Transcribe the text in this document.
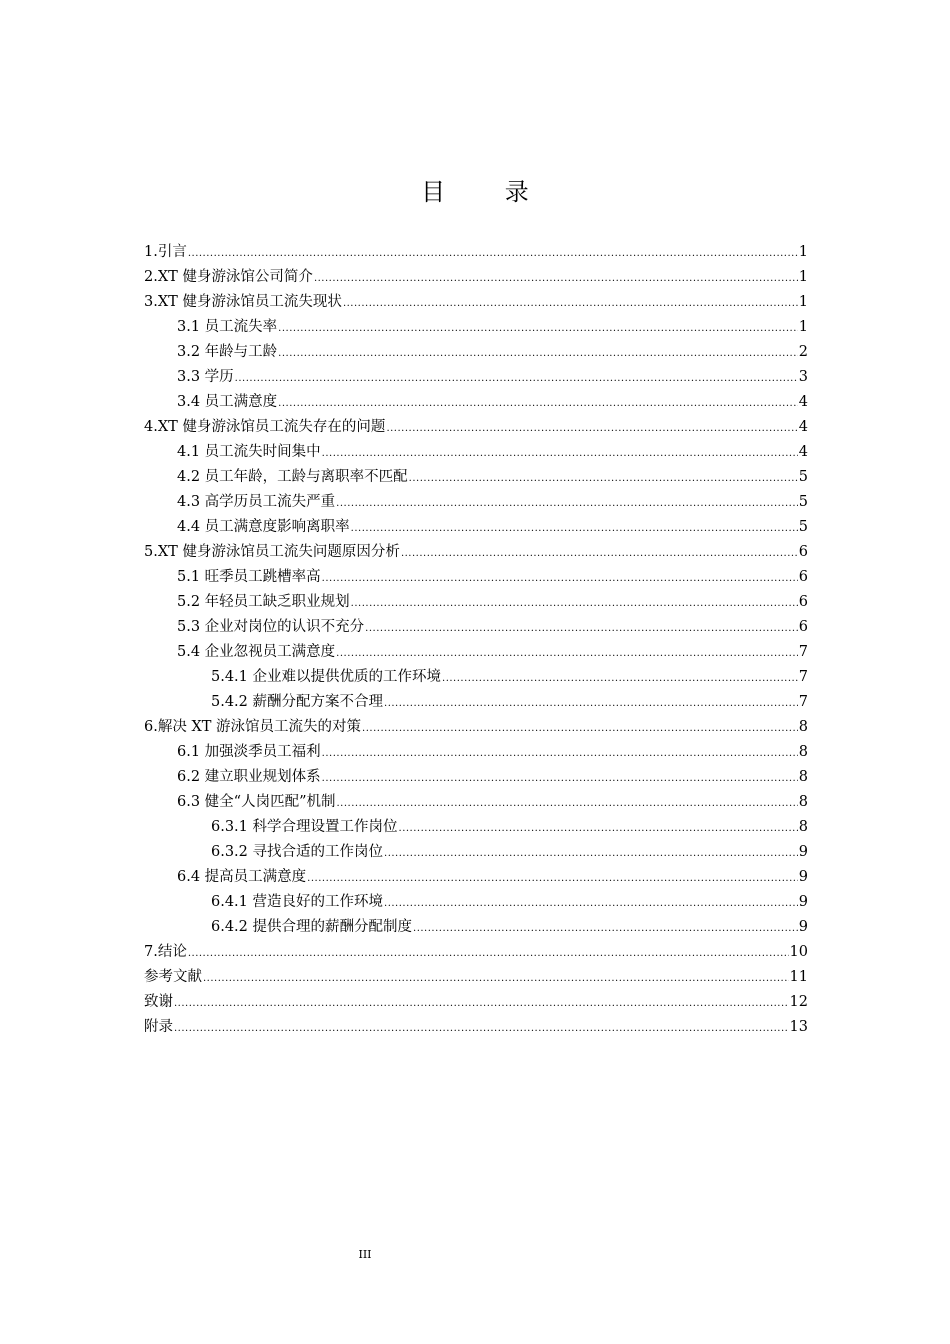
目 录
1.引言 .....	1
2.XT 健身游泳馆公司简介 .....	1
3.XT 健身游泳馆员工流失现状 .....	1
3.1 员工流失率 .....	1
3.2 年龄与工龄 .....	2
3.3 学历 .....	3
3.4 员工满意度 .....	4
4.XT 健身游泳馆员工流失存在的问题 .....	4
4.1 员工流失时间集中 .....	4
4.2 员工年龄，工龄与离职率不匹配 .....	5
4.3 高学历员工流失严重 .....	5
4.4 员工满意度影响离职率 .....	5
5.XT 健身游泳馆员工流失问题原因分析 .....	6
5.1 旺季员工跳槽率高 .....	6
5.2 年轻员工缺乏职业规划 .....	6
5.3 企业对岗位的认识不充分 .....	6
5.4 企业忽视员工满意度 .....	7
5.4.1 企业难以提供优质的工作环境 .....	7
5.4.2 薪酬分配方案不合理 .....	7
6.解决 XT 游泳馆员工流失的对策 .....	8
6.1 加强淡季员工福利 .....	8
6.2 建立职业规划体系 .....	8
6.3 健全“人岗匹配”机制 .....	8
6.3.1 科学合理设置工作岗位 .....	8
6.3.2 寻找合适的工作岗位 .....	9
6.4 提高员工满意度 .....	9
6.4.1 营造良好的工作环境 .....	9
6.4.2 提供合理的薪酬分配制度 .....	9
7.结论 .....	10
参考文献 .....	11
致谢 .....	12
附录 .....	13
III
